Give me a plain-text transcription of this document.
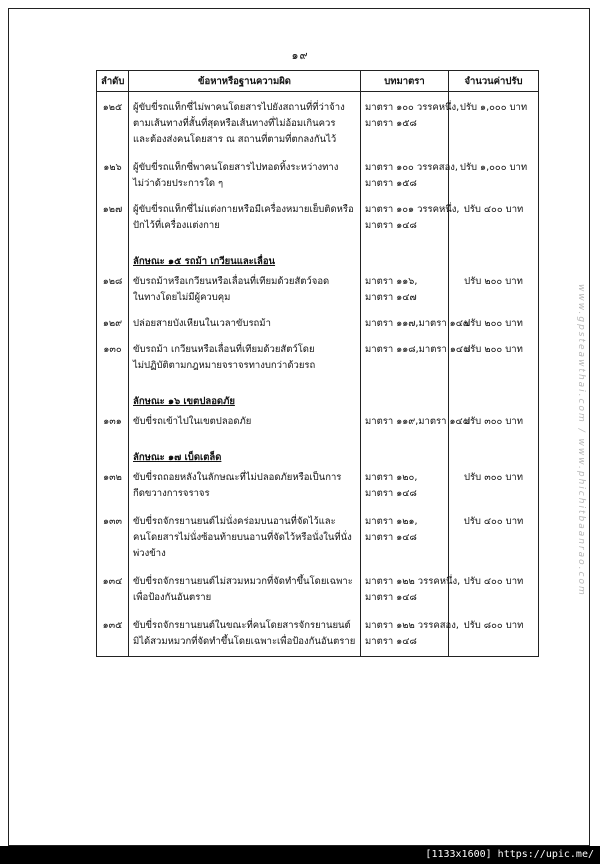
๑๙
ลำดับ	ข้อหาหรือฐานความผิด	บทมาตรา	จำนวนค่าปรับ
๑๒๕	ผู้ขับขี่รถแท็กซี่ไม่พาคนโดยสารไปยังสถานที่ที่ว่าจ้าง
ตามเส้นทางที่สั้นที่สุดหรือเส้นทางที่ไม่อ้อมเกินควร
และต้องส่งคนโดยสาร ณ สถานที่ตามที่ตกลงกันไว้	มาตรา ๑๐๐ วรรคหนึ่ง,
มาตรา ๑๕๘	ปรับ ๑,๐๐๐ บาท
๑๒๖	ผู้ขับขี่รถแท็กซี่พาคนโดยสารไปทอดทิ้งระหว่างทาง
ไม่ว่าด้วยประการใด ๆ	มาตรา ๑๐๐ วรรคสอง,
มาตรา ๑๕๘	ปรับ ๑,๐๐๐ บาท
๑๒๗	ผู้ขับขี่รถแท็กซี่ไม่แต่งกายหรือมีเครื่องหมายเย็บติดหรือ
ปักไว้ที่เครื่องแต่งกาย	มาตรา ๑๐๑ วรรคหนึ่ง,
มาตรา ๑๔๘	ปรับ ๔๐๐ บาท

	ลักษณะ ๑๕ รถม้า เกวียนและเลื่อน		

๑๒๘	ขับรถม้าหรือเกวียนหรือเลื่อนที่เทียมด้วยสัตว์จอด
ในทางโดยไม่มีผู้ควบคุม	มาตรา ๑๑๖,
มาตรา ๑๔๗	ปรับ ๒๐๐ บาท
๑๒๙	ปล่อยสายบังเหียนในเวลาขับรถม้า	มาตรา ๑๑๗,มาตรา ๑๔๗	ปรับ ๒๐๐ บาท
๑๓๐	ขับรถม้า เกวียนหรือเลื่อนที่เทียมด้วยสัตว์โดย
ไม่ปฏิบัติตามกฎหมายจราจรทางบกว่าด้วยรถ	มาตรา ๑๑๘,มาตรา ๑๔๘	ปรับ ๒๐๐ บาท

	ลักษณะ ๑๖ เขตปลอดภัย		

๑๓๑	ขับขี่รถเข้าไปในเขตปลอดภัย	มาตรา ๑๑๙,มาตรา ๑๔๘	ปรับ ๓๐๐ บาท

	ลักษณะ ๑๗ เบ็ดเตล็ด		

๑๓๒	ขับขี่รถถอยหลังในลักษณะที่ไม่ปลอดภัยหรือเป็นการ
กีดขวางการจราจร	มาตรา ๑๒๐,
มาตรา ๑๔๘	ปรับ ๓๐๐ บาท
๑๓๓	ขับขี่รถจักรยานยนต์ไม่นั่งคร่อมบนอานที่จัดไว้และ
คนโดยสารไม่นั่งซ้อนท้ายบนอานที่จัดไว้หรือนั่งในที่นั่ง
พ่วงข้าง	มาตรา ๑๒๑,
มาตรา ๑๔๘	ปรับ ๔๐๐ บาท
๑๓๔	ขับขี่รถจักรยานยนต์ไม่สวมหมวกที่จัดทำขึ้นโดยเฉพาะ
เพื่อป้องกันอันตราย	มาตรา ๑๒๒ วรรคหนึ่ง,
มาตรา ๑๔๘	ปรับ ๔๐๐ บาท
๑๓๕	ขับขี่รถจักรยานยนต์ในขณะที่คนโดยสารจักรยานยนต์
มิได้สวมหมวกที่จัดทำขึ้นโดยเฉพาะเพื่อป้องกันอันตราย	มาตรา ๑๒๒ วรรคสอง,
มาตรา ๑๔๘	ปรับ ๘๐๐ บาท
www.gpsteawthai.com / www.phichitbaanrao.com
[1133x1600] https://upic.me/
